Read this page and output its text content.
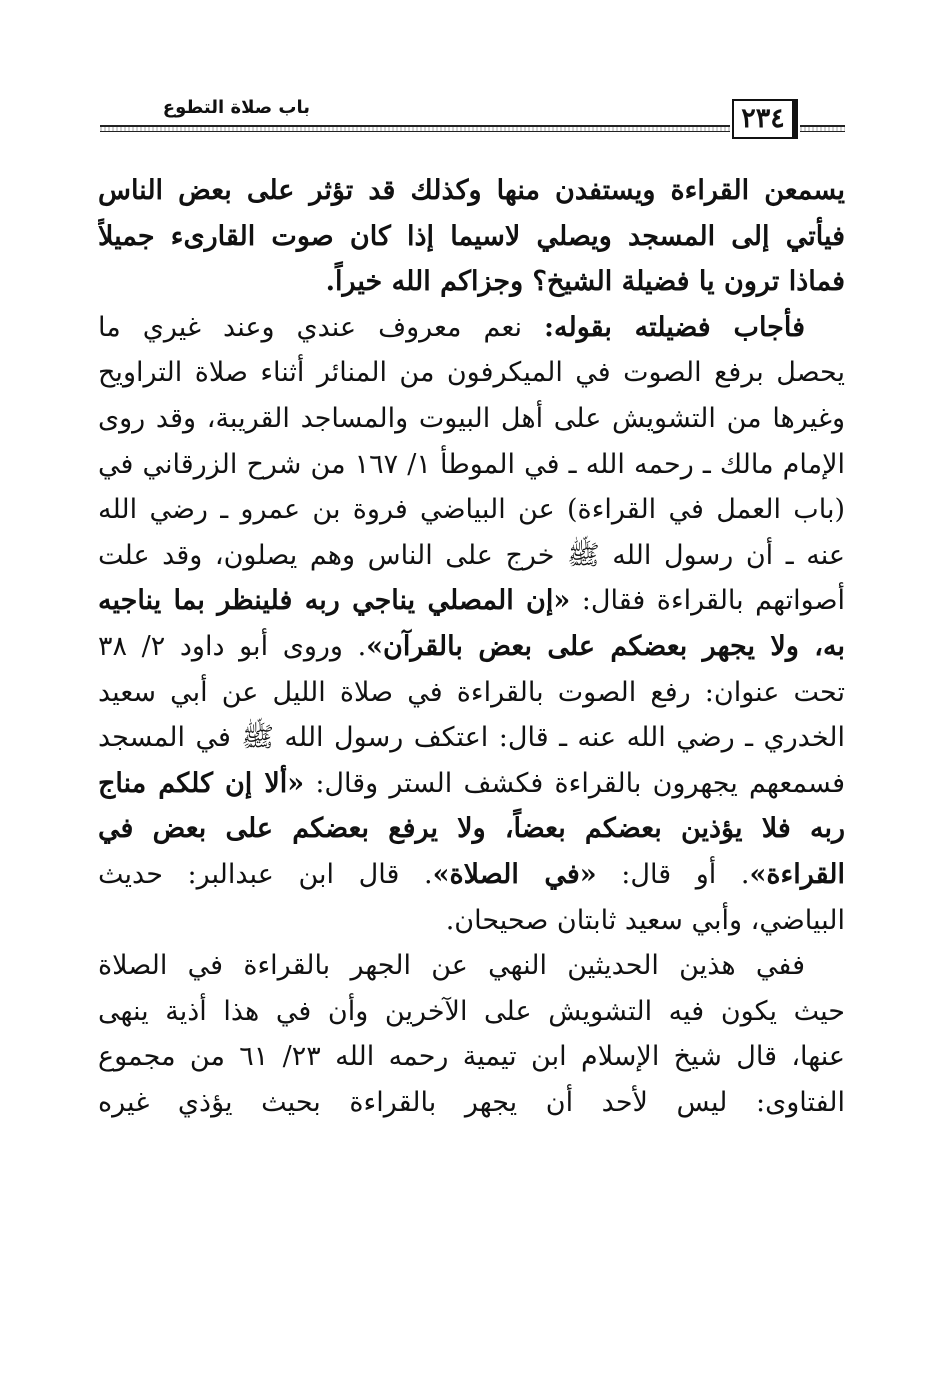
٢٣٤
باب صلاة التطوع
يسمعن القراءة ويستفدن منها وكذلك قد تؤثر على بعض الناس
فيأتي إلى المسجد ويصلي لاسيما إذا كان صوت القارىء جميلاً
فماذا ترون يا فضيلة الشيخ؟ وجزاكم الله خيراً.
فأجاب فضيلته بقوله: نعم معروف عندي وعند غيري ما
يحصل برفع الصوت في الميكرفون من المنائر أثناء صلاة التراويح
وغيرها من التشويش على أهل البيوت والمساجد القريبة، وقد روى
الإمام مالك ـ رحمه الله ـ في الموطأ ١/ ١٦٧ من شرح الزرقاني في
(باب العمل في القراءة) عن البياضي فروة بن عمرو ـ رضي الله
عنه ـ أن رسول الله ﷺ خرج على الناس وهم يصلون، وقد علت
أصواتهم بالقراءة فقال: «إن المصلي يناجي ربه فلينظر بما يناجيه
به، ولا يجهر بعضكم على بعض بالقرآن». وروى أبو داود ٢/ ٣٨
تحت عنوان: رفع الصوت بالقراءة في صلاة الليل عن أبي سعيد
الخدري ـ رضي الله عنه ـ قال: اعتكف رسول الله ﷺ في المسجد
فسمعهم يجهرون بالقراءة فكشف الستر وقال: «ألا إن كلكم مناج
ربه فلا يؤذين بعضكم بعضاً، ولا يرفع بعضكم على بعض في
القراءة». أو قال: «في الصلاة». قال ابن عبدالبر: حديث
البياضي، وأبي سعيد ثابتان صحيحان.
ففي هذين الحديثين النهي عن الجهر بالقراءة في الصلاة
حيث يكون فيه التشويش على الآخرين وأن في هذا أذية ينهى
عنها، قال شيخ الإسلام ابن تيمية رحمه الله ٢٣/ ٦١ من مجموع
الفتاوى: ليس لأحد أن يجهر بالقراءة بحيث يؤذي غيره
